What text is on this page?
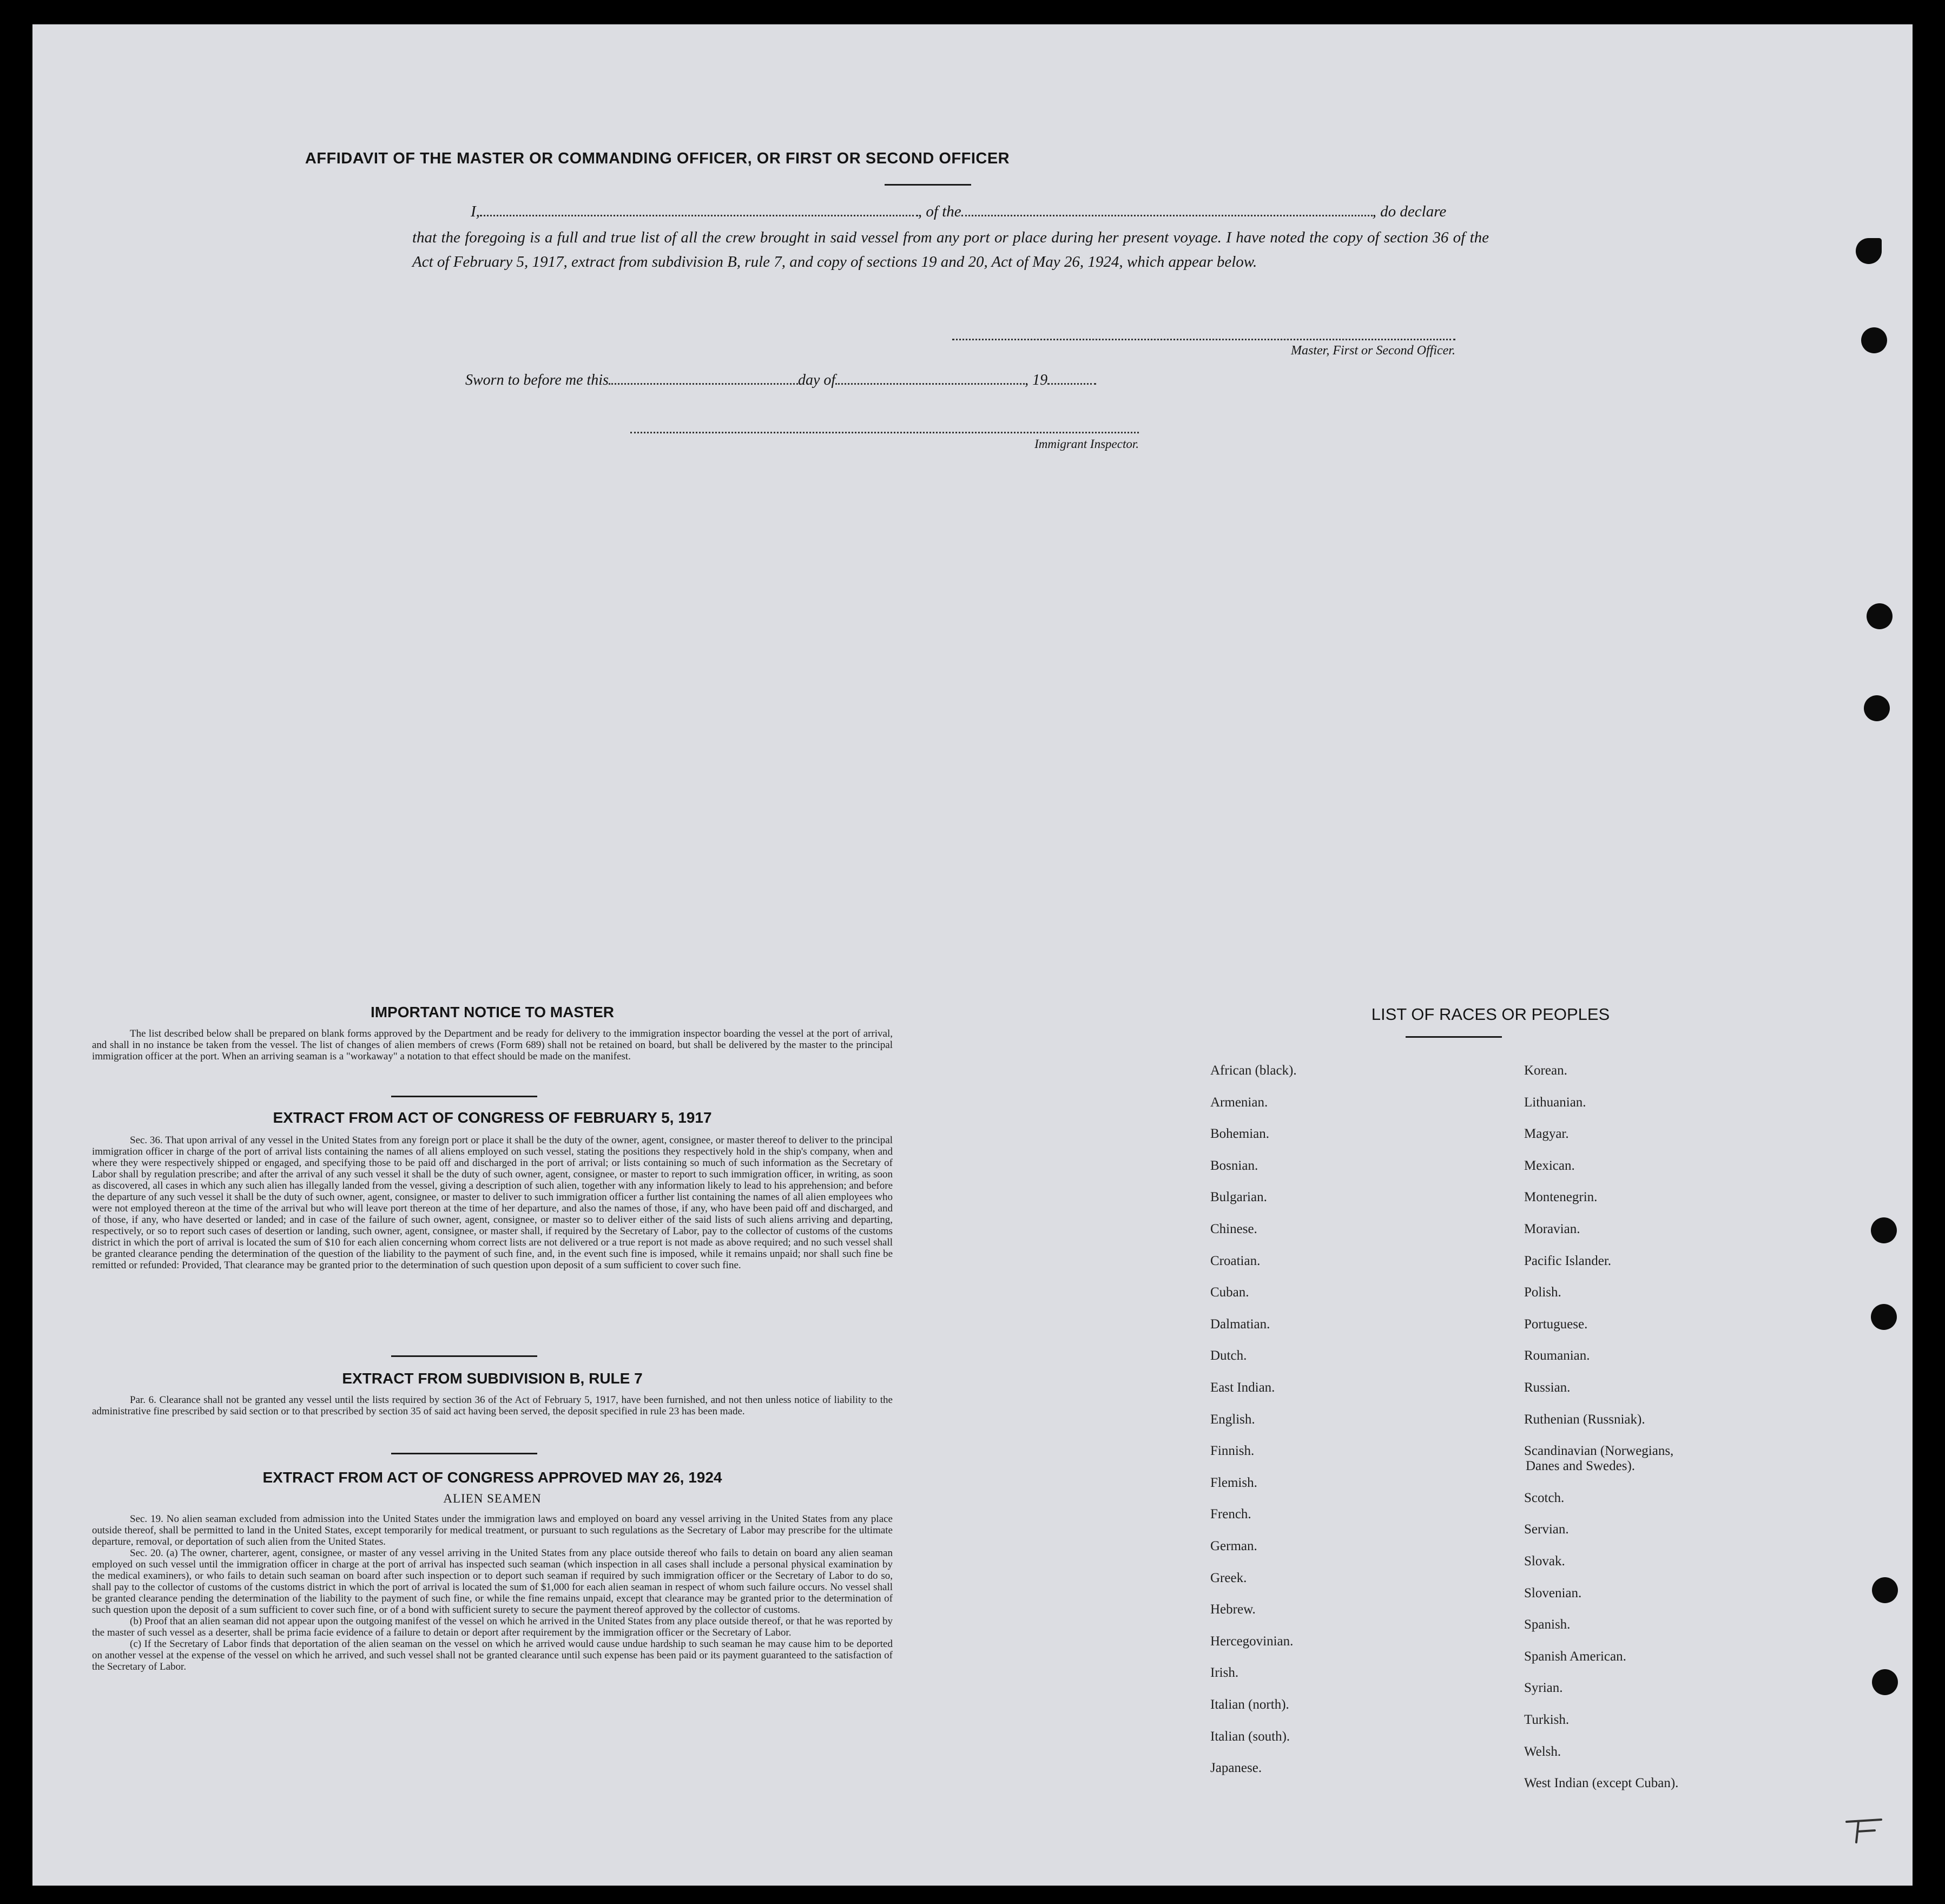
AFFIDAVIT OF THE MASTER OR COMMANDING OFFICER, OR FIRST OR SECOND OFFICER
I,	, of the	, do declare
that the foregoing is a full and true list of all the crew brought in said vessel from any port or place during her present voyage. I have noted the copy of section 36 of the Act of February 5, 1917, extract from subdivision B, rule 7, and copy of sections 19 and 20, Act of May 26, 1924, which appear below.
Master, First or Second Officer.
Sworn to before me this	day of	, 19
Immigrant Inspector.
IMPORTANT NOTICE TO MASTER

The list described below shall be prepared on blank forms approved by the Department and be ready for delivery to the immigration inspector boarding the vessel at the port of arrival, and shall in no instance be taken from the vessel. The list of changes of alien members of crews (Form 689) shall not be retained on board, but shall be delivered by the master to the principal immigration officer at the port. When an arriving seaman is a "workaway" a notation to that effect should be made on the manifest.

EXTRACT FROM ACT OF CONGRESS OF FEBRUARY 5, 1917

Sec. 36. That upon arrival of any vessel in the United States from any foreign port or place it shall be the duty of the owner, agent, consignee, or master thereof to deliver to the principal immigration officer in charge of the port of arrival lists containing the names of all aliens employed on such vessel, stating the positions they respectively hold in the ship's company, when and where they were respectively shipped or engaged, and specifying those to be paid off and discharged in the port of arrival; or lists containing so much of such information as the Secretary of Labor shall by regulation prescribe; and after the arrival of any such vessel it shall be the duty of such owner, agent, consignee, or master to report to such immigration officer, in writing, as soon as discovered, all cases in which any such alien has illegally landed from the vessel, giving a description of such alien, together with any information likely to lead to his apprehension; and before the departure of any such vessel it shall be the duty of such owner, agent, consignee, or master to deliver to such immigration officer a further list containing the names of all alien employees who were not employed thereon at the time of the arrival but who will leave port thereon at the time of her departure, and also the names of those, if any, who have been paid off and discharged, and of those, if any, who have deserted or landed; and in case of the failure of such owner, agent, consignee, or master so to deliver either of the said lists of such aliens arriving and departing, respectively, or so to report such cases of desertion or landing, such owner, agent, consignee, or master shall, if required by the Secretary of Labor, pay to the collector of customs of the customs district in which the port of arrival is located the sum of $10 for each alien concerning whom correct lists are not delivered or a true report is not made as above required; and no such vessel shall be granted clearance pending the determination of the question of the liability to the payment of such fine, and, in the event such fine is imposed, while it remains unpaid; nor shall such fine be remitted or refunded: Provided, That clearance may be granted prior to the determination of such question upon deposit of a sum sufficient to cover such fine.

EXTRACT FROM SUBDIVISION B, RULE 7

Par. 6. Clearance shall not be granted any vessel until the lists required by section 36 of the Act of February 5, 1917, have been furnished, and not then unless notice of liability to the administrative fine prescribed by said section or to that prescribed by section 35 of said act having been served, the deposit specified in rule 23 has been made.

EXTRACT FROM ACT OF CONGRESS APPROVED MAY 26, 1924
ALIEN SEAMEN

Sec. 19. No alien seaman excluded from admission into the United States under the immigration laws and employed on board any vessel arriving in the United States from any place outside thereof, shall be permitted to land in the United States, except temporarily for medical treatment, or pursuant to such regulations as the Secretary of Labor may prescribe for the ultimate departure, removal, or deportation of such alien from the United States.

Sec. 20. (a) The owner, charterer, agent, consignee, or master of any vessel arriving in the United States from any place outside thereof who fails to detain on board any alien seaman employed on such vessel until the immigration officer in charge at the port of arrival has inspected such seaman (which inspection in all cases shall include a personal physical examination by the medical examiners), or who fails to detain such seaman on board after such inspection or to deport such seaman if required by such immigration officer or the Secretary of Labor to do so, shall pay to the collector of customs of the customs district in which the port of arrival is located the sum of $1,000 for each alien seaman in respect of whom such failure occurs. No vessel shall be granted clearance pending the determination of the liability to the payment of such fine, or while the fine remains unpaid, except that clearance may be granted prior to the determination of such question upon the deposit of a sum sufficient to cover such fine, or of a bond with sufficient surety to secure the payment thereof approved by the collector of customs.

(b) Proof that an alien seaman did not appear upon the outgoing manifest of the vessel on which he arrived in the United States from any place outside thereof, or that he was reported by the master of such vessel as a deserter, shall be prima facie evidence of a failure to detain or deport after requirement by the immigration officer or the Secretary of Labor.

(c) If the Secretary of Labor finds that deportation of the alien seaman on the vessel on which he arrived would cause undue hardship to such seaman he may cause him to be deported on another vessel at the expense of the vessel on which he arrived, and such vessel shall not be granted clearance until such expense has been paid or its payment guaranteed to the satisfaction of the Secretary of Labor.

LIST OF RACES OR PEOPLES
African (black).
Armenian.
Bohemian.
Bosnian.
Bulgarian.
Chinese.
Croatian.
Cuban.
Dalmatian.
Dutch.
East Indian.
English.
Finnish.
Flemish.
French.
German.
Greek.
Hebrew.
Hercegovinian.
Irish.
Italian (north).
Italian (south).
Japanese.
Korean.
Lithuanian.
Magyar.
Mexican.
Montenegrin.
Moravian.
Pacific Islander.
Polish.
Portuguese.
Roumanian.
Russian.
Ruthenian (Russniak).
Scandinavian (Norwegians,
Danes and Swedes).
Scotch.
Servian.
Slovak.
Slovenian.
Spanish.
Spanish American.
Syrian.
Turkish.
Welsh.
West Indian (except Cuban).
